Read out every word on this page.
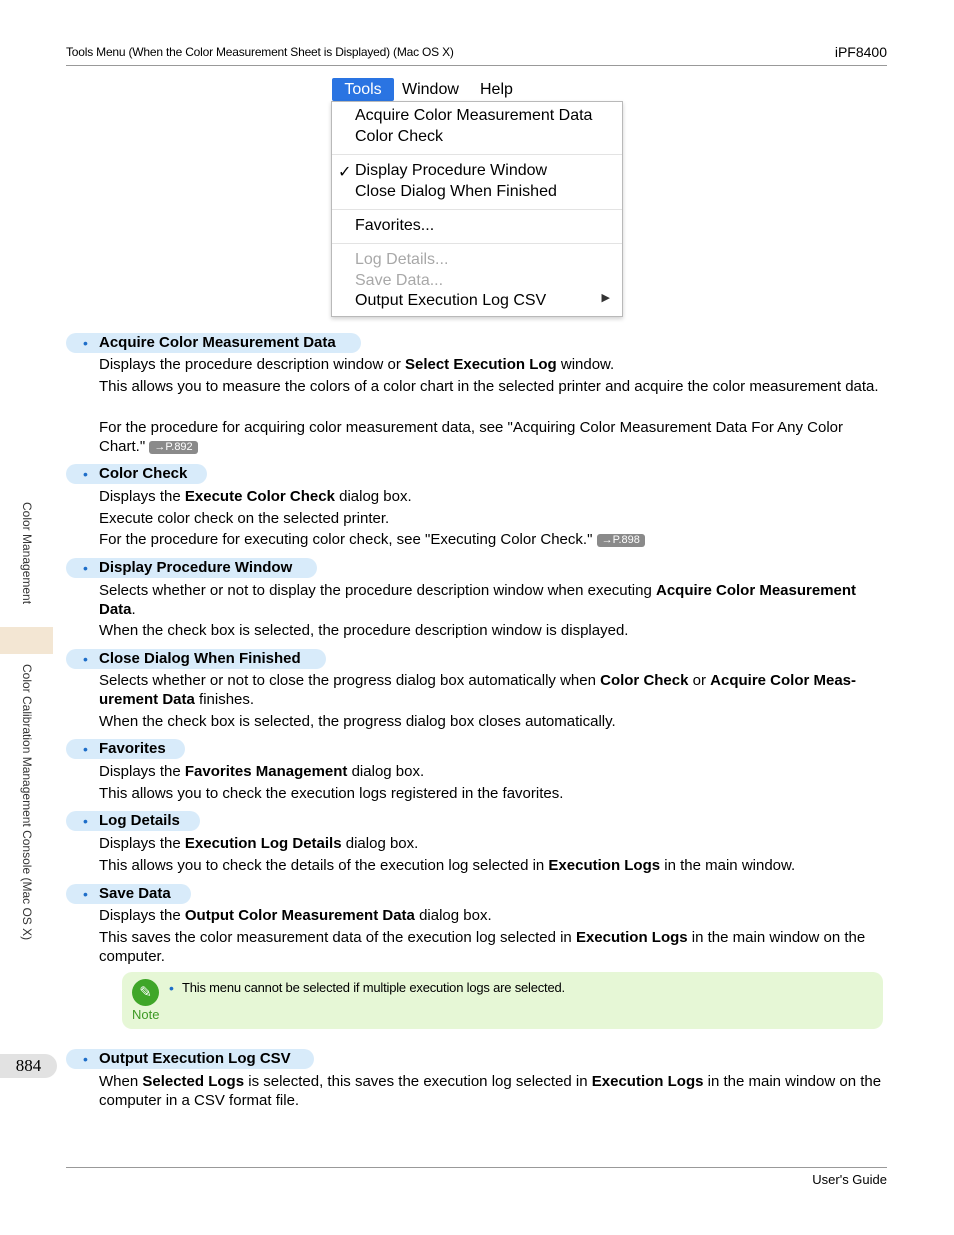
Tools Menu (When the Color Measurement Sheet is Displayed) (Mac OS X)	iPF8400
User's Guide
Color Management
Color Calibration Management Console (Mac OS X)
884
Tools	Window Help
Acquire Color Measurement Data
Color Check
✓ Display Procedure Window
Close Dialog When Finished
Favorites...
Log Details...
Save Data...
Output Execution Log CSV	▶
• Acquire Color Measurement Data
Displays the procedure description window or Select Execution Log window.
This allows you to measure the colors of a color chart in the selected printer and acquire the color measurement data.
For the procedure for acquiring color measurement data, see "Acquiring Color Measurement Data For Any Color Chart." →P.892
• Color Check
Displays the Execute Color Check dialog box.
Execute color check on the selected printer.
For the procedure for executing color check, see "Executing Color Check." →P.898
• Display Procedure Window
Selects whether or not to display the procedure description window when executing Acquire Color Measurement Data.
When the check box is selected, the procedure description window is displayed.
• Close Dialog When Finished
Selects whether or not to close the progress dialog box automatically when Color Check or Acquire Color Meas-urement Data finishes.
When the check box is selected, the progress dialog box closes automatically.
• Favorites
Displays the Favorites Management dialog box.
This allows you to check the execution logs registered in the favorites.
• Log Details
Displays the Execution Log Details dialog box.
This allows you to check the details of the execution log selected in Execution Logs in the main window.
• Save Data
Displays the Output Color Measurement Data dialog box.
This saves the color measurement data of the execution log selected in Execution Logs in the main window on the computer.
✎
Note
• This menu cannot be selected if multiple execution logs are selected.
• Output Execution Log CSV
When Selected Logs is selected, this saves the execution log selected in Execution Logs in the main window on the computer in a CSV format file.
